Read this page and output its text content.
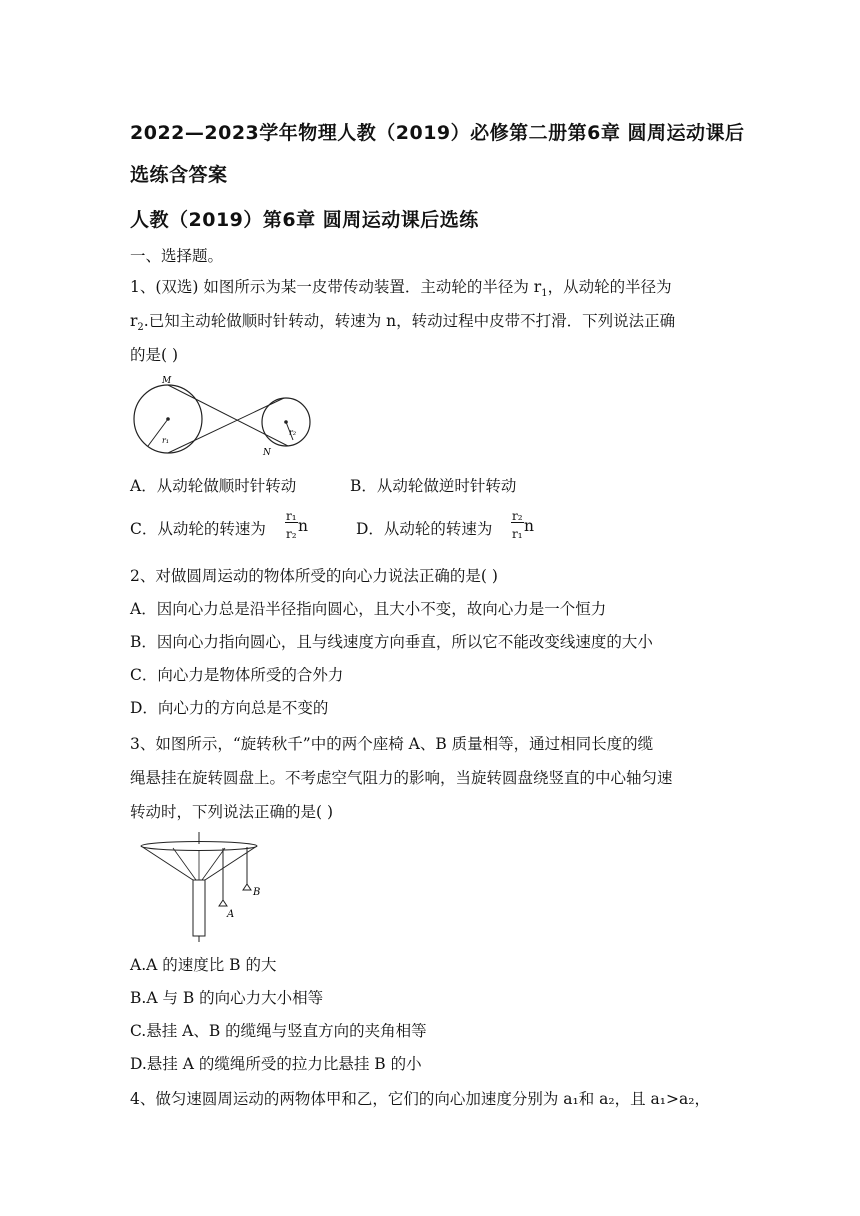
2022—2023学年物理人教（2019）必修第二册第6章 圆周运动课后
选练含答案
人教（2019）第6章 圆周运动课后选练
一、选择题。
1、(双选) 如图所示为某一皮带传动装置．主动轮的半径为 $r_1$，从动轮的半径为
$r_2$.已知主动轮做顺时针转动，转速为 n，转动过程中皮带不打滑．下列说法正确
的是( )
M
N
r₁
r₂
A．从动轮做顺时针转动	B．从动轮做逆时针转动
C．从动轮的转速为 $\frac{\text{r₁}}{\text{r₂}}$ n	D．从动轮的转速为 $\frac{\text{r₂}}{\text{r₁}}$ n
2、对做圆周运动的物体所受的向心力说法正确的是( )
A．因向心力总是沿半径指向圆心，且大小不变，故向心力是一个恒力
B．因向心力指向圆心，且与线速度方向垂直，所以它不能改变线速度的大小
C．向心力是物体所受的合外力
D．向心力的方向总是不变的
3、如图所示，“旋转秋千”中的两个座椅 A、B 质量相等，通过相同长度的缆
绳悬挂在旋转圆盘上。不考虑空气阻力的影响，当旋转圆盘绕竖直的中心轴匀速
转动时，下列说法正确的是( )
A
B
A.A 的速度比 B 的大
B.A 与 B 的向心力大小相等
C.悬挂 A、B 的缆绳与竖直方向的夹角相等
D.悬挂 A 的缆绳所受的拉力比悬挂 B 的小
4、做匀速圆周运动的两物体甲和乙，它们的向心加速度分别为 a₁和 a₂，且 a₁>a₂，
